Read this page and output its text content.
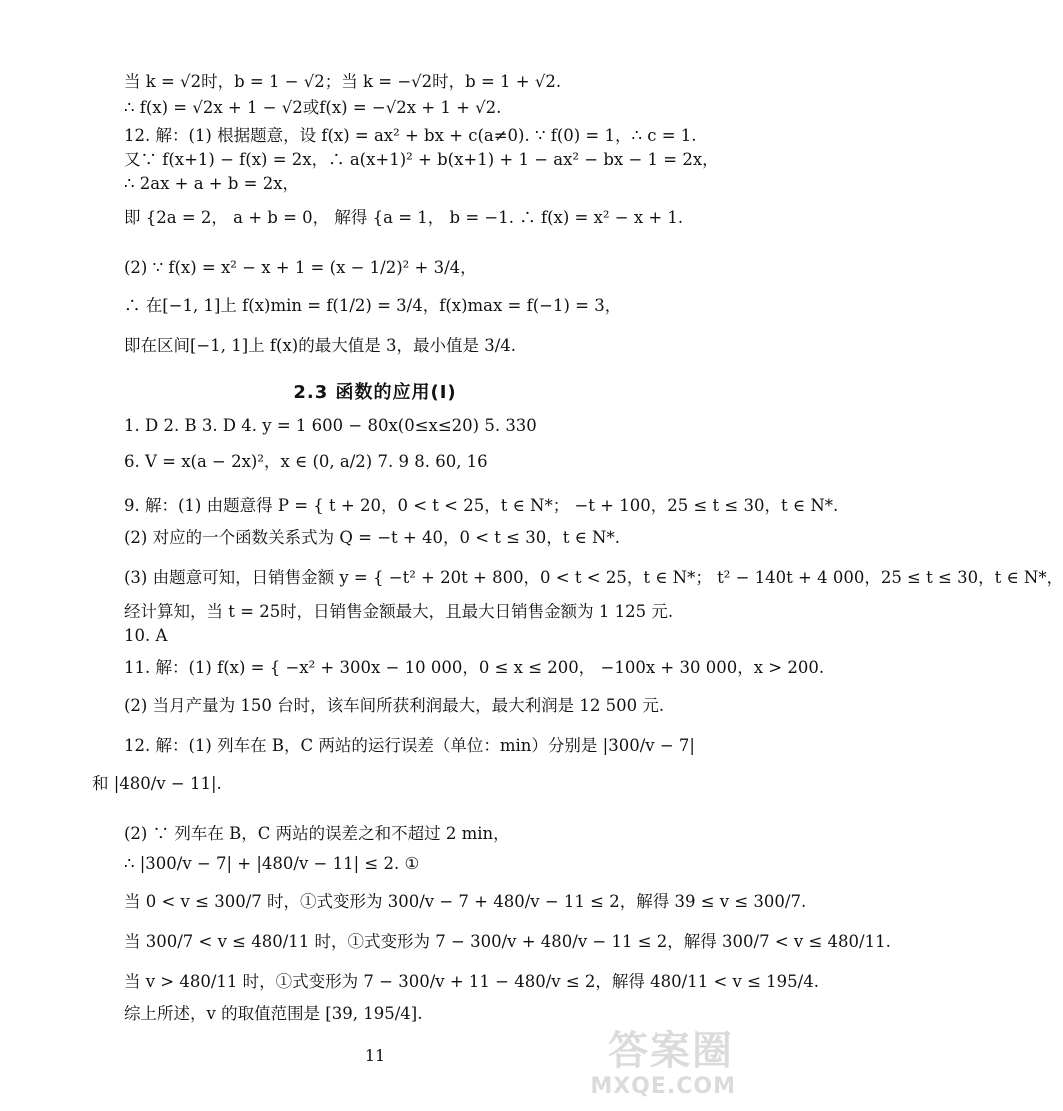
当 k = √2时，b = 1 − √2；当 k = −√2时，b = 1 + √2.
∴ f(x) = √2x + 1 − √2或f(x) = −√2x + 1 + √2.
12. 解：(1) 根据题意，设 f(x) = ax² + bx + c(a≠0). ∵ f(0) = 1，∴ c = 1.
又∵ f(x+1) − f(x) = 2x，∴ a(x+1)² + b(x+1) + 1 − ax² − bx − 1 = 2x，
∴ 2ax + a + b = 2x，
即 {2a = 2， a + b = 0， 解得 {a = 1， b = −1. ∴ f(x) = x² − x + 1.
(2) ∵ f(x) = x² − x + 1 = (x − 1/2)² + 3/4，
∴ 在[−1, 1]上 f(x)min = f(1/2) = 3/4，f(x)max = f(−1) = 3，
即在区间[−1, 1]上 f(x)的最大值是 3，最小值是 3/4.
2.3 函数的应用(Ⅰ)
1. D 2. B 3. D 4. y = 1 600 − 80x(0≤x≤20) 5. 330
6. V = x(a − 2x)²，x ∈ (0, a/2) 7. 9 8. 60, 16
9. 解：(1) 由题意得 P = { t + 20，0 < t < 25，t ∈ N*； −t + 100，25 ≤ t ≤ 30，t ∈ N*.
(2) 对应的一个函数关系式为 Q = −t + 40，0 < t ≤ 30，t ∈ N*.
(3) 由题意可知，日销售金额 y = { −t² + 20t + 800，0 < t < 25，t ∈ N*； t² − 140t + 4 000，25 ≤ t ≤ 30，t ∈ N*，
经计算知，当 t = 25时，日销售金额最大，且最大日销售金额为 1 125 元.
10. A
11. 解：(1) f(x) = { −x² + 300x − 10 000，0 ≤ x ≤ 200， −100x + 30 000，x > 200.
(2) 当月产量为 150 台时，该车间所获利润最大，最大利润是 12 500 元.
12. 解：(1) 列车在 B，C 两站的运行误差（单位：min）分别是 |300/v − 7|
和 |480/v − 11|.
(2) ∵ 列车在 B，C 两站的误差之和不超过 2 min，
∴ |300/v − 7| + |480/v − 11| ≤ 2. ①
当 0 < v ≤ 300/7 时，①式变形为 300/v − 7 + 480/v − 11 ≤ 2，解得 39 ≤ v ≤ 300/7.
当 300/7 < v ≤ 480/11 时，①式变形为 7 − 300/v + 480/v − 11 ≤ 2，解得 300/7 < v ≤ 480/11.
当 v > 480/11 时，①式变形为 7 − 300/v + 11 − 480/v ≤ 2，解得 480/11 < v ≤ 195/4.
综上所述，v 的取值范围是 [39, 195/4].
11	答案圈
MXQE.COM
